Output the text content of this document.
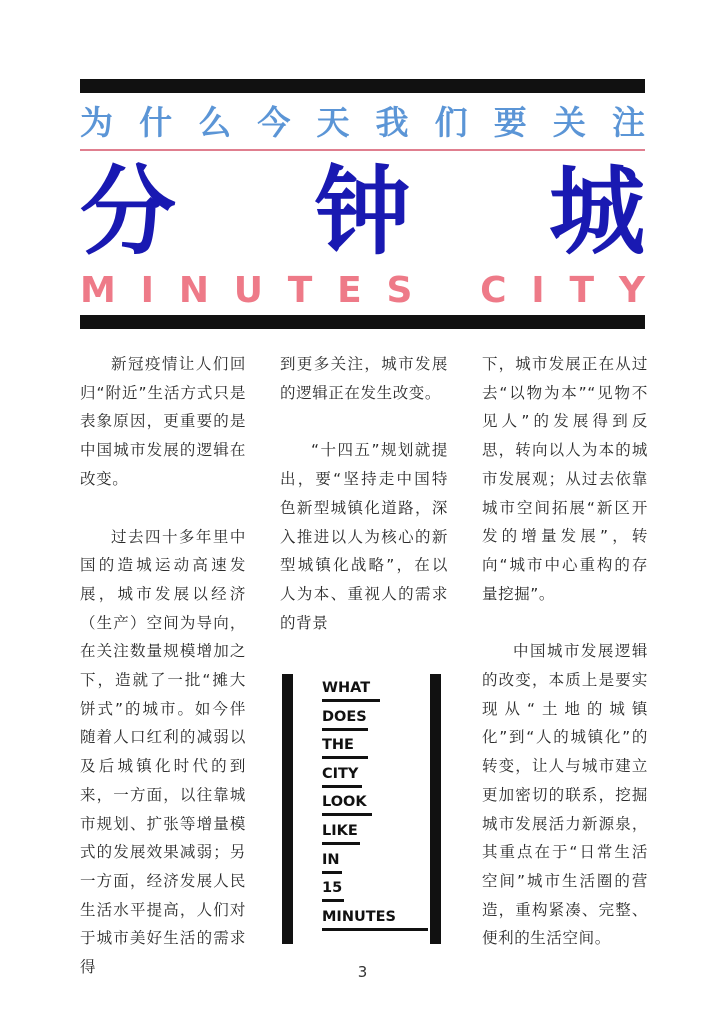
为 什 么 今 天 我 们 要 关 注
分 钟 城
M I N U T E S C I T Y

新冠疫情让人们回归“附近”生活方式只是表象原因，更重要的是中国城市发展的逻辑在改变。

过去四十多年里中国的造城运动高速发展，城市发展以经济（生产）空间为导向，在关注数量规模增加之下，造就了一批“摊大饼式”的城市。如今伴随着人口红利的减弱以及后城镇化时代的到来，一方面，以往靠城市规划、扩张等增量模式的发展效果减弱；另一方面，经济发展人民生活水平提高，人们对于城市美好生活的需求得

到更多关注，城市发展的逻辑正在发生改变。

“十四五”规划就提出，要“坚持走中国特色新型城镇化道路，深入推进以人为核心的新型城镇化战略”，在以人为本、重视人的需求的背景

下，城市发展正在从过去“以物为本”“见物不见人”的发展得到反思，转向以人为本的城市发展观；从过去依靠城市空间拓展“新区开发的增量发展”，转向“城市中心重构的存量挖掘”。

中国城市发展逻辑的改变，本质上是要实现从“土地的城镇化”到“人的城镇化”的转变，让人与城市建立更加密切的联系，挖掘城市发展活力新源泉，其重点在于“日常生活空间”城市生活圈的营造，重构紧凑、完整、便利的生活空间。

WHAT
DOES
THE
CITY
LOOK
LIKE
IN
15
MINUTES
3
